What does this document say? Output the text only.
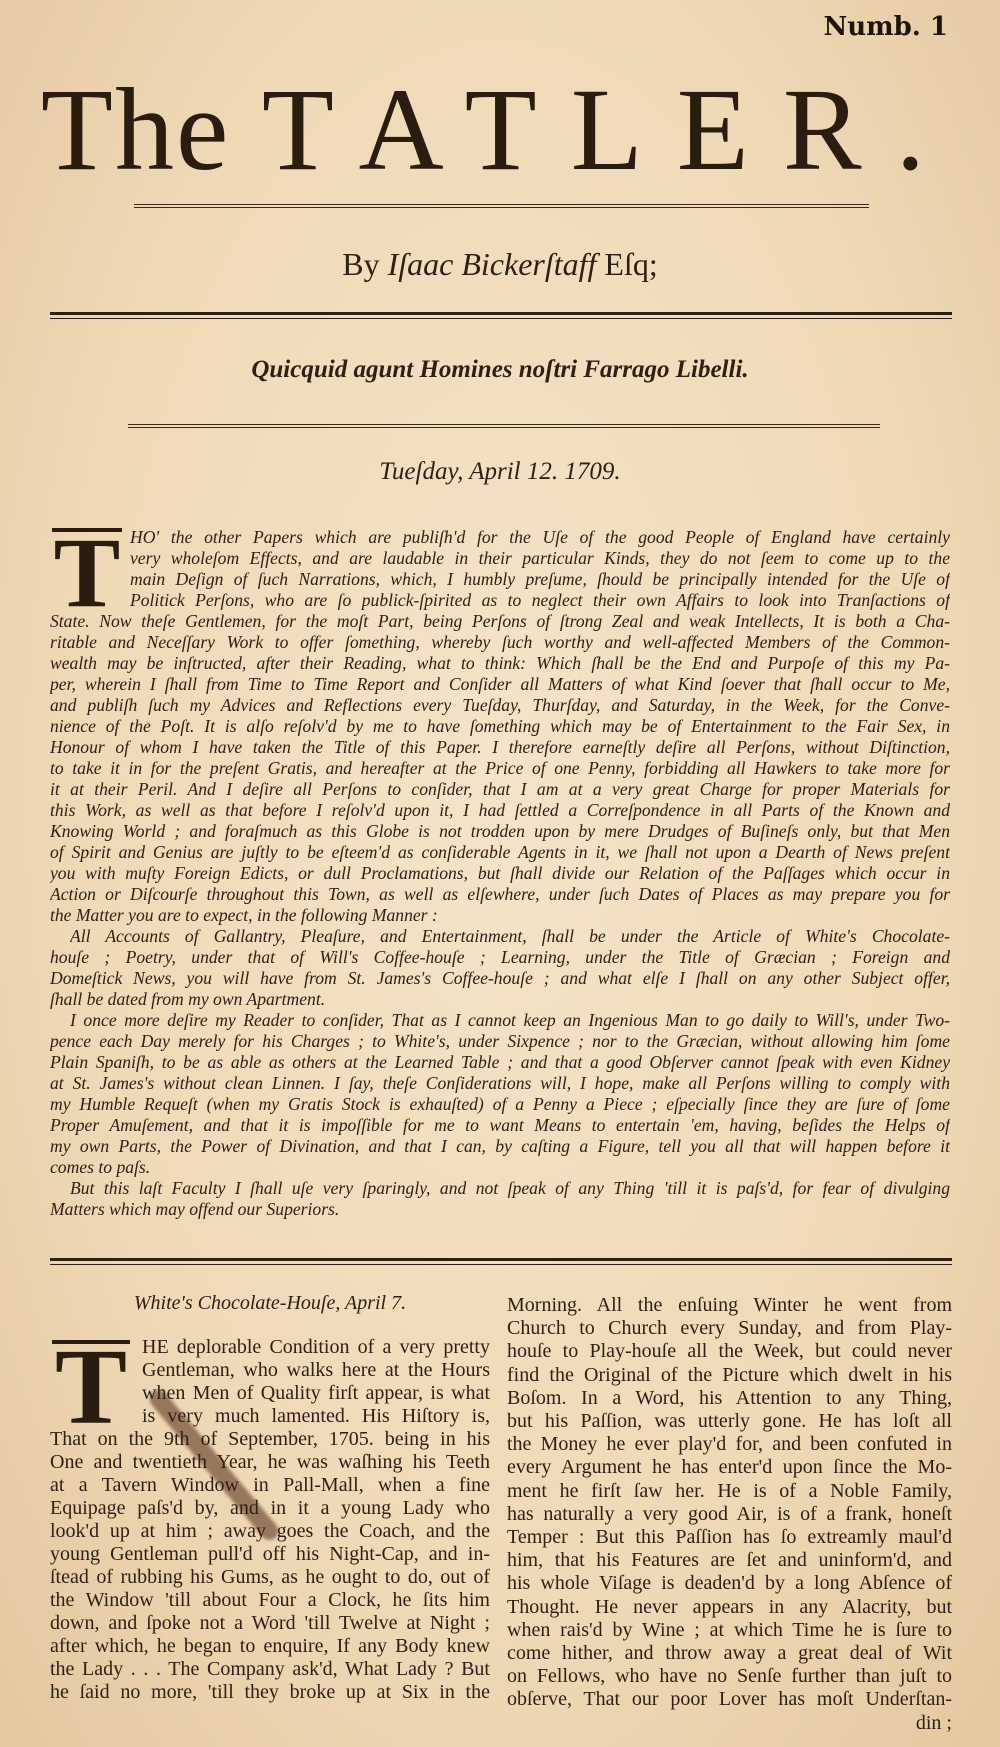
Numb. 1
The TATLER.
By Iſaac Bickerſtaff Eſq;
Quicquid agunt Homines noſtri Farrago Libelli.
Tueſday, April 12. 1709.
T HO' the other Papers which are publiſh'd for the Uſe of the good People of England have certainly
very wholeſom Effects, and are laudable in their particular Kinds, they do not ſeem to come up to the
main Deſign of ſuch Narrations, which, I humbly preſume, ſhould be principally intended for the Uſe of
Politick Perſons, who are ſo publick-ſpirited as to neglect their own Affairs to look into Tranſactions of
State. Now theſe Gentlemen, for the moſt Part, being Perſons of ſtrong Zeal and weak Intellects, It is both a Cha-
ritable and Neceſſary Work to offer ſomething, whereby ſuch worthy and well-affected Members of the Common-
wealth may be inſtructed, after their Reading, what to think: Which ſhall be the End and Purpoſe of this my Pa-
per, wherein I ſhall from Time to Time Report and Conſider all Matters of what Kind ſoever that ſhall occur to Me,
and publiſh ſuch my Advices and Reflections every Tueſday, Thurſday, and Saturday, in the Week, for the Conve-
nience of the Poſt. It is alſo reſolv'd by me to have ſomething which may be of Entertainment to the Fair Sex, in
Honour of whom I have taken the Title of this Paper. I therefore earneſtly deſire all Perſons, without Diſtinction,
to take it in for the preſent Gratis, and hereafter at the Price of one Penny, forbidding all Hawkers to take more for
it at their Peril. And I deſire all Perſons to conſider, that I am at a very great Charge for proper Materials for
this Work, as well as that before I reſolv'd upon it, I had ſettled a Correſpondence in all Parts of the Known and
Knowing World ; and foraſmuch as this Globe is not trodden upon by mere Drudges of Buſineſs only, but that Men
of Spirit and Genius are juſtly to be eſteem'd as conſiderable Agents in it, we ſhall not upon a Dearth of News preſent
you with muſty Foreign Edicts, or dull Proclamations, but ſhall divide our Relation of the Paſſages which occur in
Action or Diſcourſe throughout this Town, as well as elſewhere, under ſuch Dates of Places as may prepare you for
the Matter you are to expect, in the following Manner :
All Accounts of Gallantry, Pleaſure, and Entertainment, ſhall be under the Article of White's Chocolate-
houſe ; Poetry, under that of Will's Coffee-houſe ; Learning, under the Title of Græcian ; Foreign and
Domeſtick News, you will have from St. James's Coffee-houſe ; and what elſe I ſhall on any other Subject offer,
ſhall be dated from my own Apartment.
I once more deſire my Reader to conſider, That as I cannot keep an Ingenious Man to go daily to Will's, under Two-
pence each Day merely for his Charges ; to White's, under Sixpence ; nor to the Græcian, without allowing him ſome
Plain Spaniſh, to be as able as others at the Learned Table ; and that a good Obſerver cannot ſpeak with even Kidney
at St. James's without clean Linnen. I ſay, theſe Conſiderations will, I hope, make all Perſons willing to comply with
my Humble Requeſt (when my Gratis Stock is exhauſted) of a Penny a Piece ; eſpecially ſince they are ſure of ſome
Proper Amuſement, and that it is impoſſible for me to want Means to entertain 'em, having, beſides the Helps of
my own Parts, the Power of Divination, and that I can, by caſting a Figure, tell you all that will happen before it
comes to paſs.
But this laſt Faculty I ſhall uſe very ſparingly, and not ſpeak of any Thing 'till it is paſs'd, for fear of divulging
Matters which may offend our Superiors.
White's Chocolate-Houſe, April 7.
T HE deplorable Condition of a very pretty
Gentleman, who walks here at the Hours
when Men of Quality firſt appear, is what
is very much lamented. His Hiſtory is,
That on the 9th of September, 1705. being in his
One and twentieth Year, he was waſhing his Teeth
at a Tavern Window in Pall-Mall, when a fine
Equipage paſs'd by, and in it a young Lady who
look'd up at him ; away goes the Coach, and the
young Gentleman pull'd off his Night-Cap, and in-
ſtead of rubbing his Gums, as he ought to do, out of
the Window 'till about Four a Clock, he ſits him
down, and ſpoke not a Word 'till Twelve at Night ;
after which, he began to enquire, If any Body knew
the Lady . . . The Company ask'd, What Lady ? But
he ſaid no more, 'till they broke up at Six in the
Morning. All the enſuing Winter he went from
Church to Church every Sunday, and from Play-
houſe to Play-houſe all the Week, but could never
find the Original of the Picture which dwelt in his
Boſom. In a Word, his Attention to any Thing,
but his Paſſion, was utterly gone. He has loſt all
the Money he ever play'd for, and been confuted in
every Argument he has enter'd upon ſince the Mo-
ment he firſt ſaw her. He is of a Noble Family,
has naturally a very good Air, is of a frank, honeſt
Temper : But this Paſſion has ſo extreamly maul'd
him, that his Features are ſet and uninform'd, and
his whole Viſage is deaden'd by a long Abſence of
Thought. He never appears in any Alacrity, but
when rais'd by Wine ; at which Time he is ſure to
come hither, and throw away a great deal of Wit
on Fellows, who have no Senſe further than juſt to
obſerve, That our poor Lover has moſt Underſtan-
din ;
